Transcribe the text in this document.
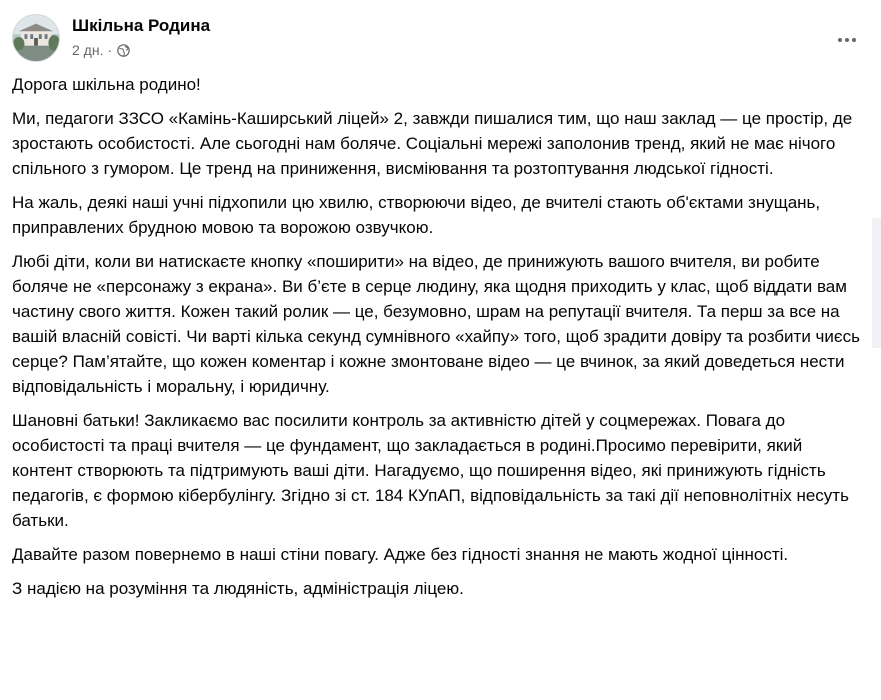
Шкільна Родина
2 дн. ·

Дорога шкільна родино!

Ми, педагоги ЗЗСО «Камінь-Каширський ліцей» 2, завжди пишалися тим, що наш заклад — це простір, де зростають особистості. Але сьогодні нам боляче. Соціальні мережі заполонив тренд, який не має нічого спільного з гумором. Це тренд на приниження, висміювання та розтоптування людської гідності.

На жаль, деякі наші учні підхопили цю хвилю, створюючи відео, де вчителі стають об'єктами знущань, приправлених брудною мовою та ворожою озвучкою.

Любі діти, коли ви натискаєте кнопку «поширити» на відео, де принижують вашого вчителя, ви робите боляче не «персонажу з екрана». Ви б’єте в серце людину, яка щодня приходить у клас, щоб віддати вам частину свого життя. Кожен такий ролик — це, безумовно, шрам на репутації вчителя. Та перш за все на вашій власній совісті. Чи варті кілька секунд сумнівного «хайпу» того, щоб зрадити довіру та розбити чиєсь серце? Пам’ятайте, що кожен коментар і кожне змонтоване відео — це вчинок, за який доведеться нести відповідальність і моральну, і юридичну.

Шановні батьки! Закликаємо вас посилити контроль за активністю дітей у соцмережах. Повага до особистості та праці вчителя — це фундамент, що закладається в родині.Просимо перевірити, який контент створюють та підтримують ваші діти. Нагадуємо, що поширення відео, які принижують гідність педагогів, є формою кібербулінгу. Згідно зі ст. 184 КУпАП, відповідальність за такі дії неповнолітніх несуть батьки.

Давайте разом повернемо в наші стіни повагу. Адже без гідності знання не мають жодної цінності.

З надією на розуміння та людяність, адміністрація ліцею.
